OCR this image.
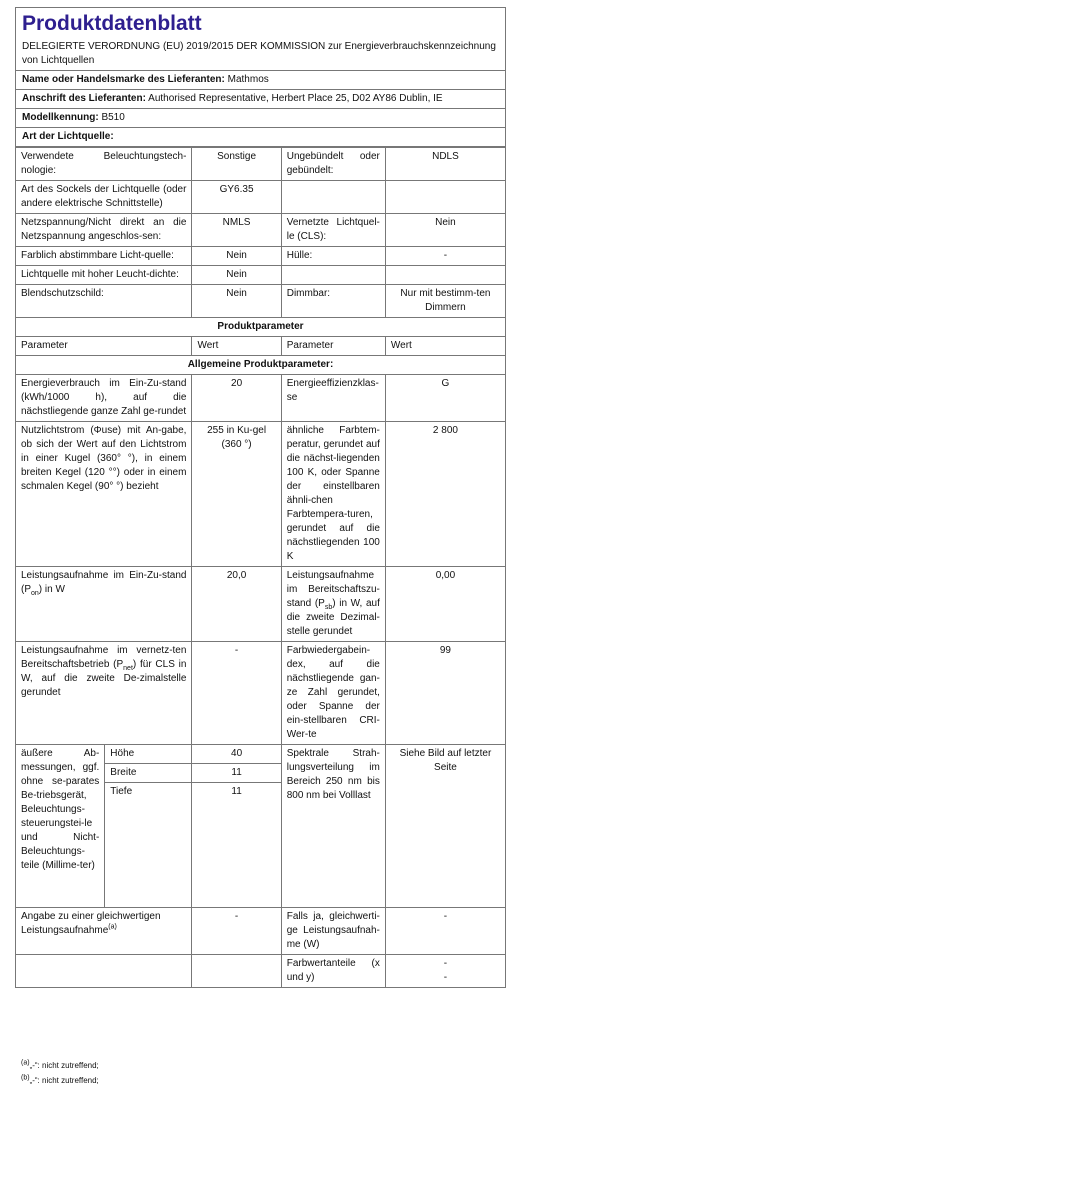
Produktdatenblatt
DELEGIERTE VERORDNUNG (EU) 2019/2015 DER KOMMISSION zur Energieverbrauchskennzeichnung von Lichtquellen
Name oder Handelsmarke des Lieferanten: Mathmos
Anschrift des Lieferanten: Authorised Representative, Herbert Place 25, D02 AY86 Dublin, IE
Modellkennung: B510
Art der Lichtquelle:
Verwendete Beleuchtungstech-nologie:		Sonstige	Ungebündelt oder gebündelt:	NDLS
Art des Sockels der Lichtquelle (oder andere elektrische Schnittstelle)		GY6.35		
Netzspannung/Nicht direkt an die Netzspannung angeschlos-sen:		NMLS	Vernetzte Lichtquel-le (CLS):	Nein
Farblich abstimmbare Licht-quelle:		Nein	Hülle:	-
Lichtquelle mit hoher Leucht-dichte:		Nein		
Blendschutzschild:		Nein	Dimmbar:	Nur mit bestimm-ten Dimmern
Produktparameter				
Parameter		Wert	Parameter	Wert
Allgemeine Produktparameter:				
Energieverbrauch im Ein-Zu-stand (kWh/1000 h), auf die nächstliegende ganze Zahl ge-rundet		20	Energieeffizienzklas-se	G
Nutzlichtstrom (Φuse) mit An-gabe, ob sich der Wert auf den Lichtstrom in einer Kugel (360° °), in einem breiten Kegel (120 °°) oder in einem schmalen Kegel (90° °) bezieht		255 in Ku-gel (360 °)	ähnliche Farbtem-peratur, gerundet auf die nächst-liegenden 100 K, oder Spanne der einstellbaren ähnli-chen Farbtempera-turen, gerundet auf die nächstliegenden 100 K	2 800
Leistungsaufnahme im Ein-Zu-stand $(P_{on})$ in W		20,0	Leistungsaufnahme im Bereitschaftszu-stand $(P_{sb})$ in W, auf die zweite Dezimal-stelle gerundet	0,00
Leistungsaufnahme im vernetz-ten Bereitschaftsbetrieb $(P_{net})$ für CLS in W, auf die zweite De-zimalstelle gerundet		-	Farbwiedergabein-dex, auf die nächstliegende gan-ze Zahl gerundet, oder Spanne der ein-stellbaren CRI-Wer-te	99
äußere Ab-messungen, ggf. ohne se-parates Be-triebsgerät, Beleuchtungs-steuerungstei-le und Nicht-Beleuchtungs-teile (Millime-ter)	Höhe	40	Spektrale Strah-lungsverteilung im Bereich 250 nm bis 800 nm bei Volllast	Siehe Bild auf letzter Seite
	Breite	11		
	Tiefe	11		
Angabe zu einer gleichwertigen Leistungsaufnahme$^{(a)}$		-	Falls ja, gleichwerti-ge Leistungsaufnah-me (W)	-
			Farbwertanteile (x und y)	-
-
$^{(a)}$„-“: nicht zutreffend;
$^{(b)}$„-“: nicht zutreffend;
